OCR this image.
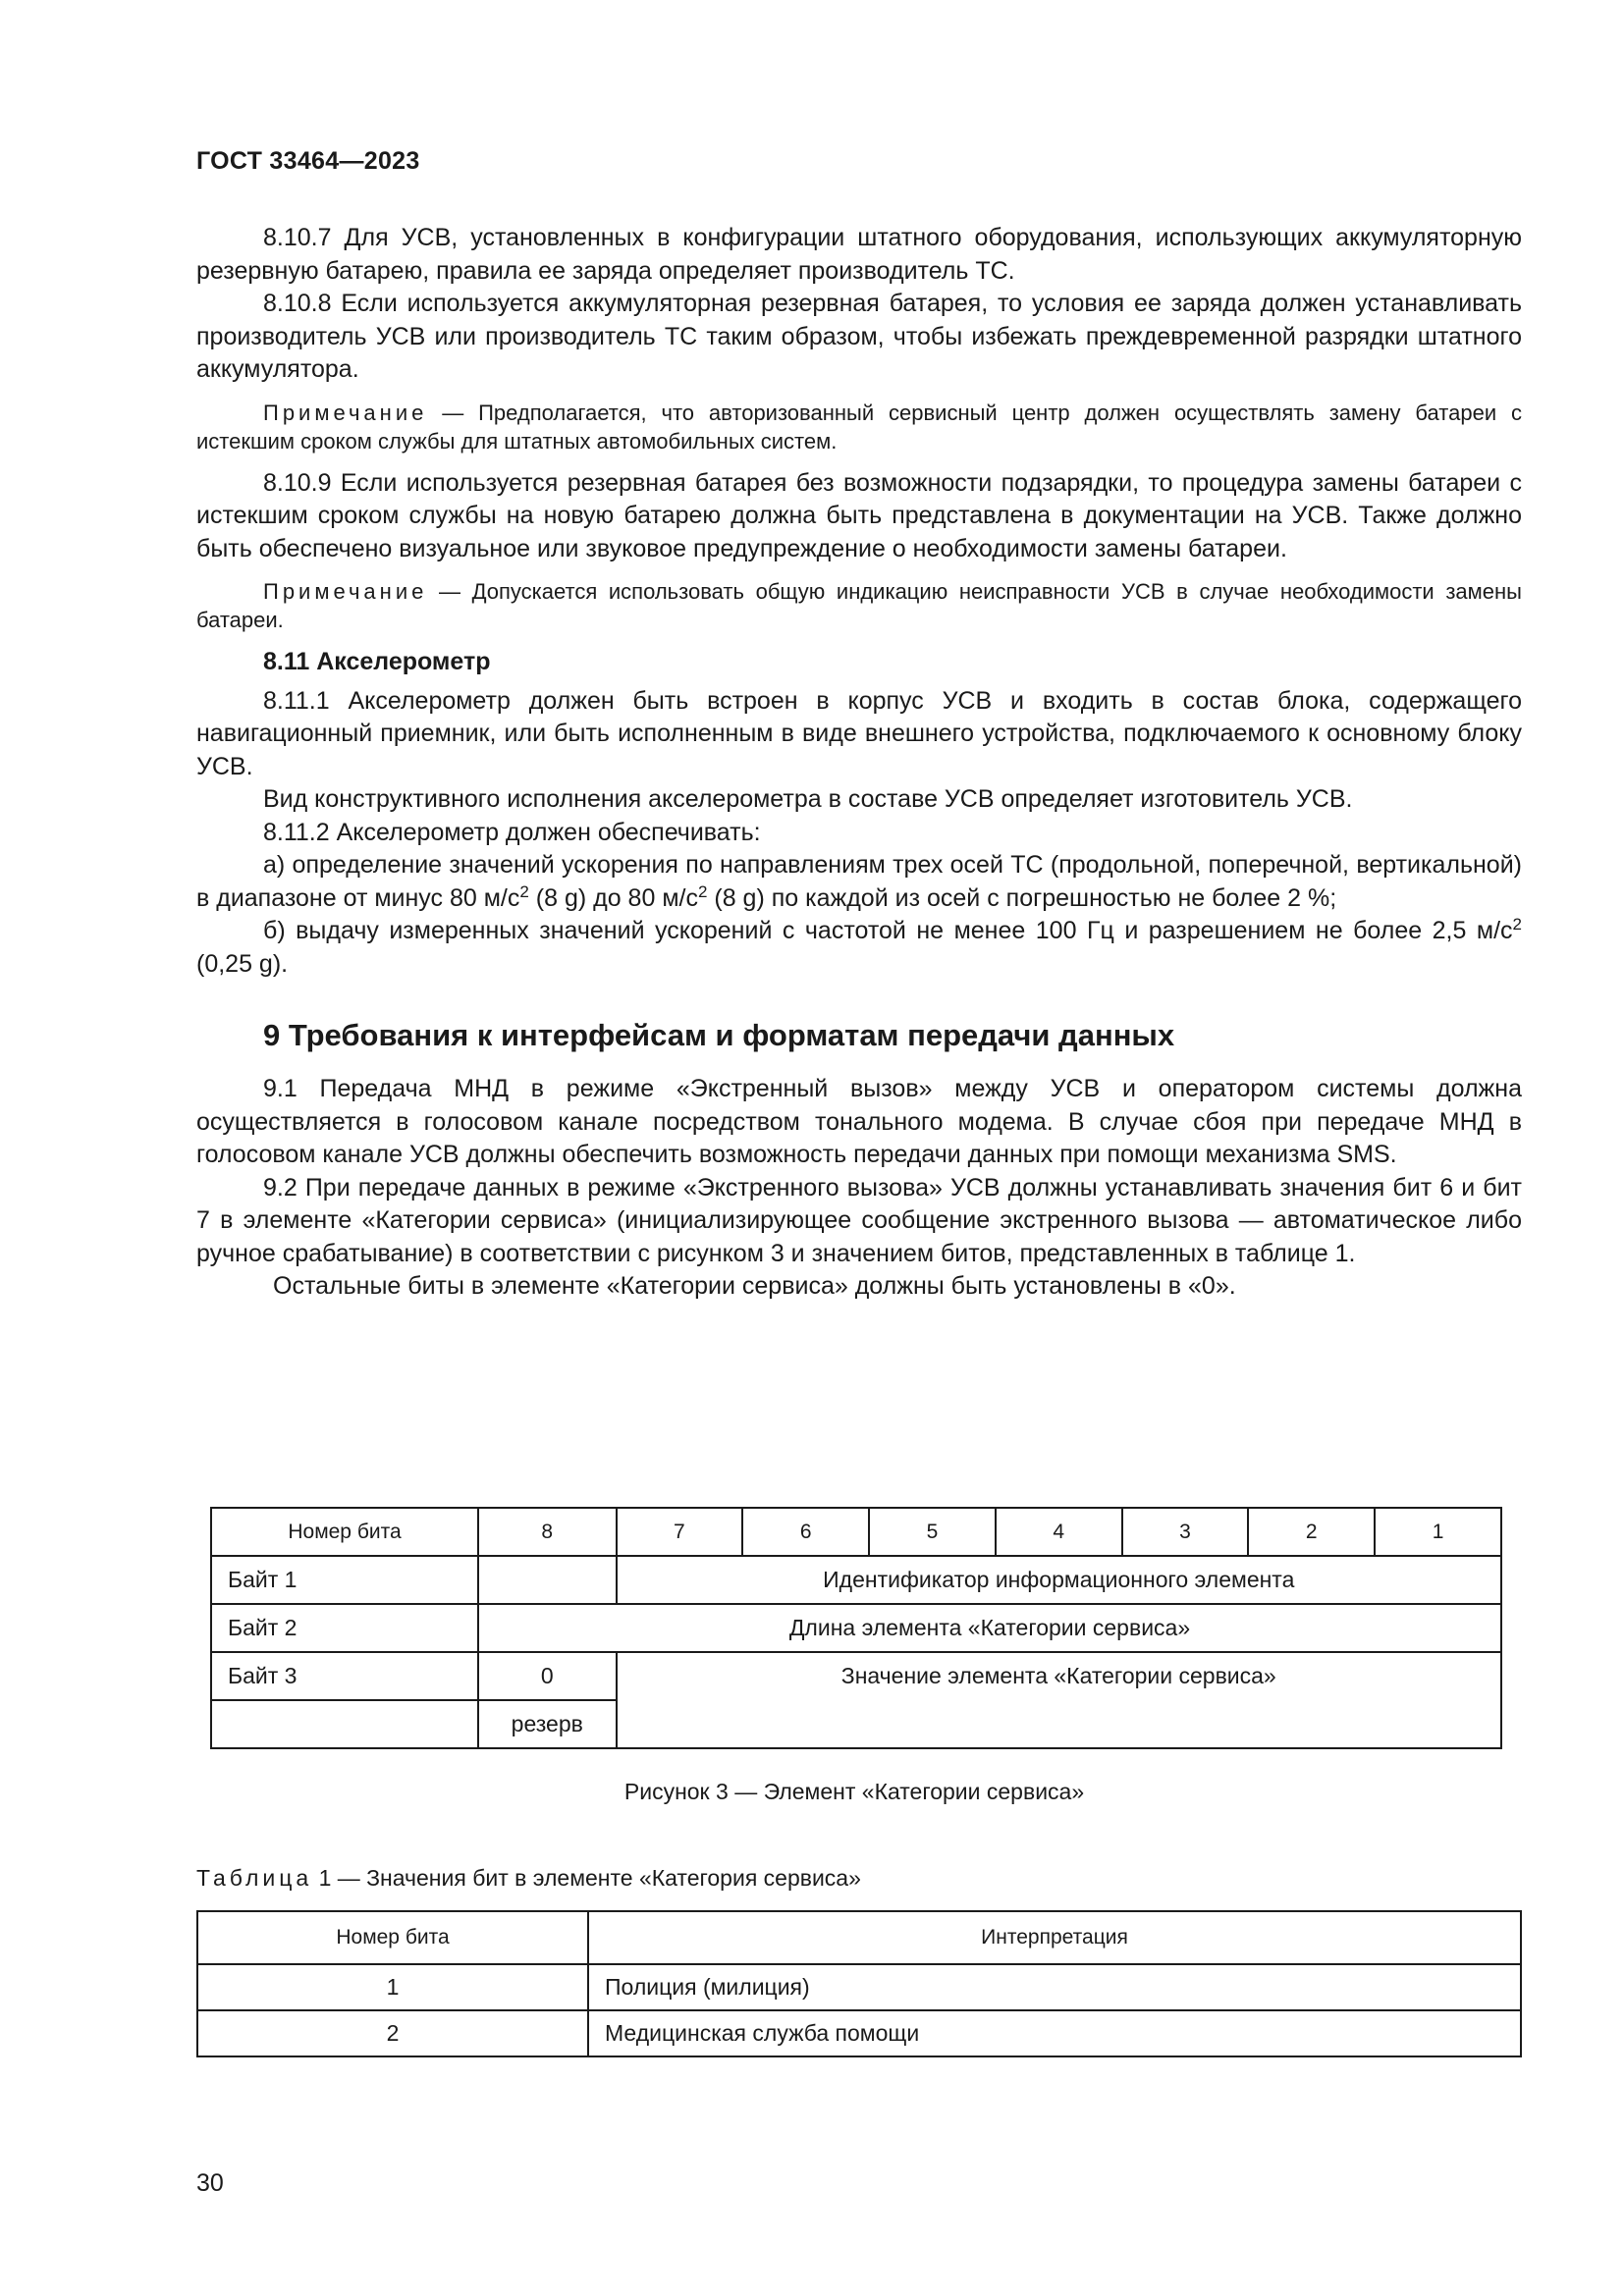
ГОСТ 33464—2023

8.10.7 Для УСВ, установленных в конфигурации штатного оборудования, использующих аккумуляторную резервную батарею, правила ее заряда определяет производитель ТС.

8.10.8 Если используется аккумуляторная резервная батарея, то условия ее заряда должен устанавливать производитель УСВ или производитель ТС таким образом, чтобы избежать преждевременной разрядки штатного аккумулятора.

Примечание — Предполагается, что авторизованный сервисный центр должен осуществлять замену батареи с истекшим сроком службы для штатных автомобильных систем.

8.10.9 Если используется резервная батарея без возможности подзарядки, то процедура замены батареи с истекшим сроком службы на новую батарею должна быть представлена в документации на УСВ. Также должно быть обеспечено визуальное или звуковое предупреждение о необходимости замены батареи.

Примечание — Допускается использовать общую индикацию неисправности УСВ в случае необходимости замены батареи.

8.11 Акселерометр

8.11.1 Акселерометр должен быть встроен в корпус УСВ и входить в состав блока, содержащего навигационный приемник, или быть исполненным в виде внешнего устройства, подключаемого к основному блоку УСВ.

Вид конструктивного исполнения акселерометра в составе УСВ определяет изготовитель УСВ.

8.11.2 Акселерометр должен обеспечивать:

а) определение значений ускорения по направлениям трех осей ТС (продольной, поперечной, вертикальной) в диапазоне от минус 80 $м/с^2$ (8 g) до 80 $м/с^2$ (8 g) по каждой из осей с погрешностью не более 2 %;

б) выдачу измеренных значений ускорений с частотой не менее 100 Гц и разрешением не более 2,5 $м/с^2$ (0,25 g).

9 Требования к интерфейсам и форматам передачи данных

9.1 Передача МНД в режиме «Экстренный вызов» между УСВ и оператором системы должна осуществляется в голосовом канале посредством тонального модема. В случае сбоя при передаче МНД в голосовом канале УСВ должны обеспечить возможность передачи данных при помощи механизма SMS.

9.2 При передаче данных в режиме «Экстренного вызова» УСВ должны устанавливать значения бит 6 и бит 7 в элементе «Категории сервиса» (инициализирующее сообщение экстренного вызова — автоматическое либо ручное срабатывание) в соответствии с рисунком 3 и значением битов, представленных в таблице 1.

Остальные биты в элементе «Категории сервиса» должны быть установлены в «0».

Номер бита	8	7	6	5	4	3	2	1
Байт 1		Идентификатор информационного элемента						
Байт 2	Длина элемента «Категории сервиса»							
Байт 3	0	Значение элемента «Категории сервиса»						
	резерв							
Рисунок 3 — Элемент «Категории сервиса»
Таблица 1 — Значения бит в элементе «Категория сервиса»
Номер бита	Интерпретация
1	Полиция (милиция)
2	Медицинская служба помощи
30
